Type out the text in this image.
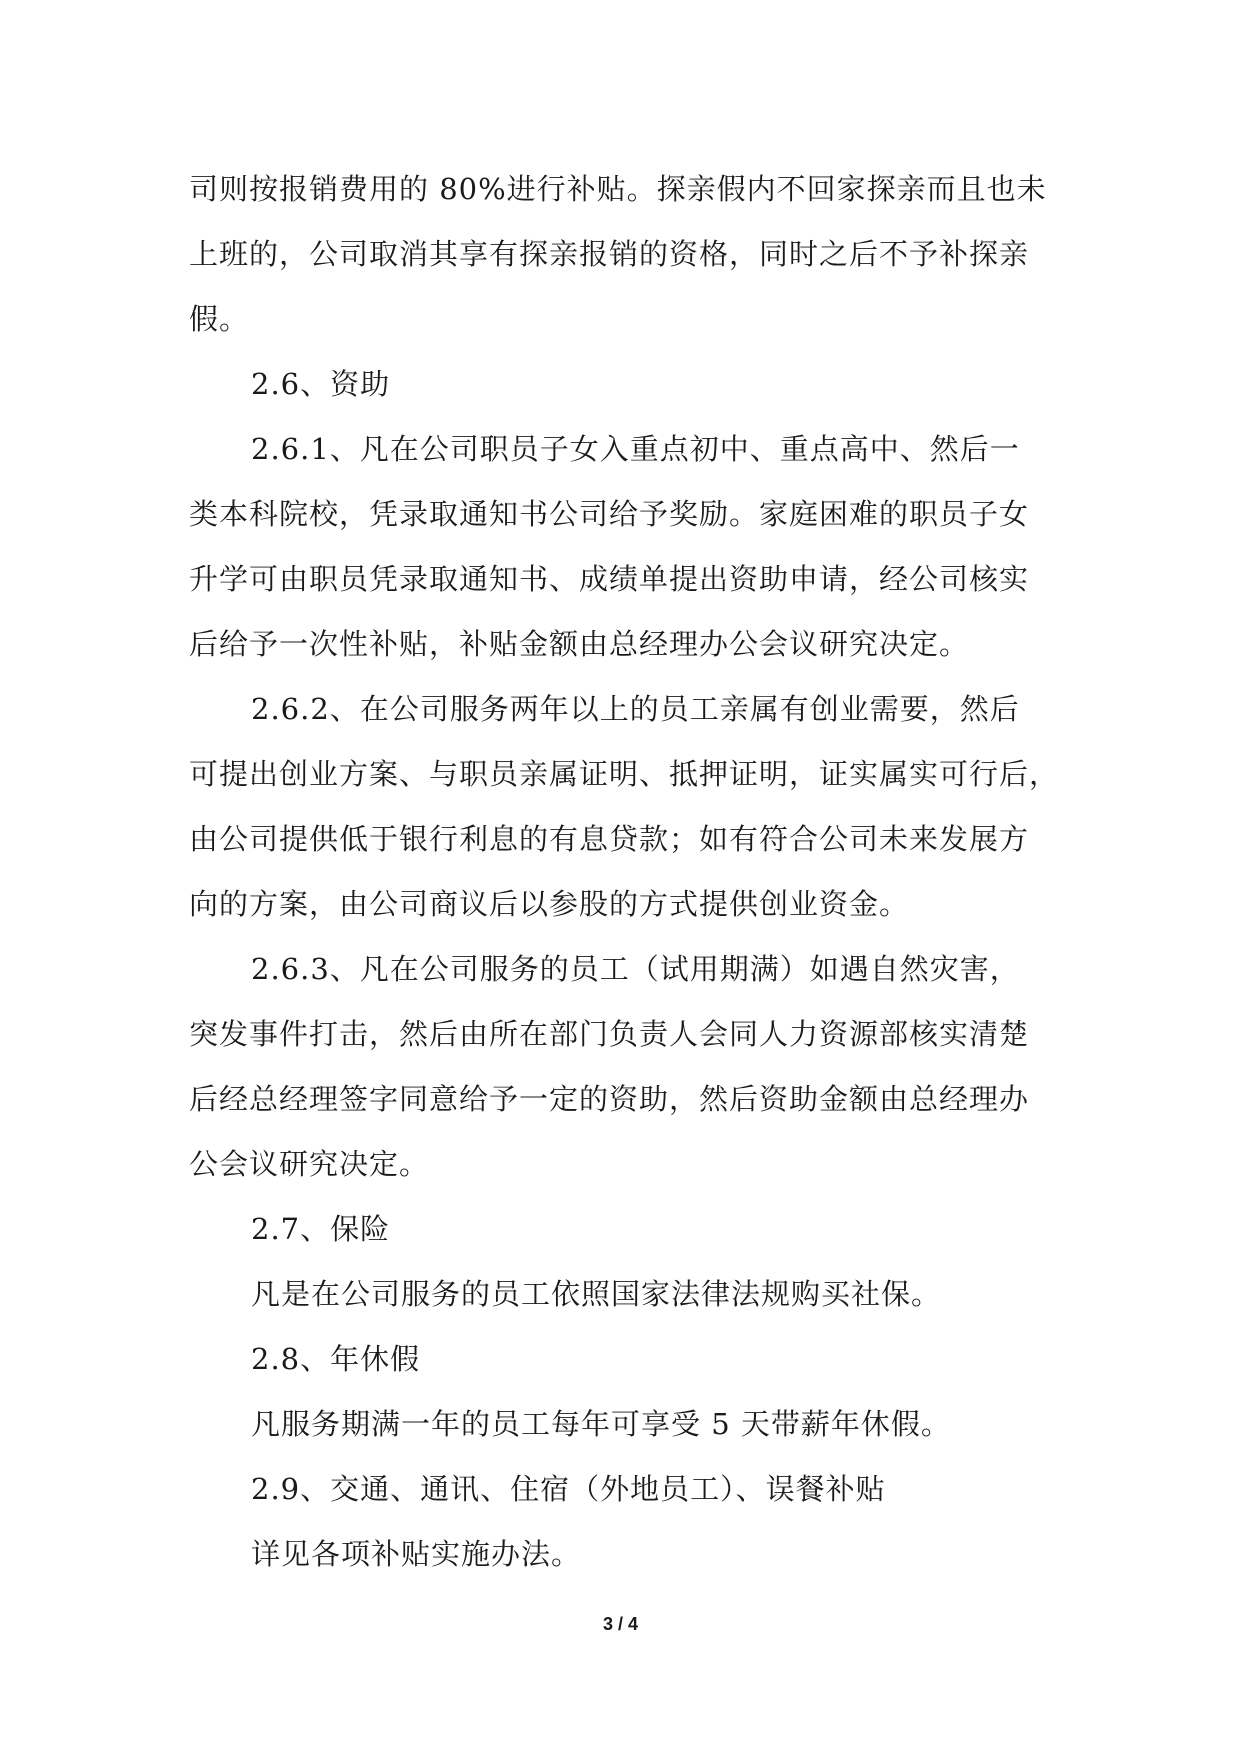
司则按报销费用的 80%进行补贴。探亲假内不回家探亲而且也未
上班的，公司取消其享有探亲报销的资格，同时之后不予补探亲
假。
2.6、资助
2.6.1、凡在公司职员子女入重点初中、重点高中、然后一
类本科院校，凭录取通知书公司给予奖励。家庭困难的职员子女
升学可由职员凭录取通知书、成绩单提出资助申请，经公司核实
后给予一次性补贴，补贴金额由总经理办公会议研究决定。
2.6.2、在公司服务两年以上的员工亲属有创业需要，然后
可提出创业方案、与职员亲属证明、抵押证明，证实属实可行后，
由公司提供低于银行利息的有息贷款；如有符合公司未来发展方
向的方案，由公司商议后以参股的方式提供创业资金。
2.6.3、凡在公司服务的员工（试用期满）如遇自然灾害，
突发事件打击，然后由所在部门负责人会同人力资源部核实清楚
后经总经理签字同意给予一定的资助，然后资助金额由总经理办
公会议研究决定。
2.7、保险
凡是在公司服务的员工依照国家法律法规购买社保。
2.8、年休假
凡服务期满一年的员工每年可享受 5 天带薪年休假。
2.9、交通、通讯、住宿（外地员工）、误餐补贴
详见各项补贴实施办法。
3 / 4
